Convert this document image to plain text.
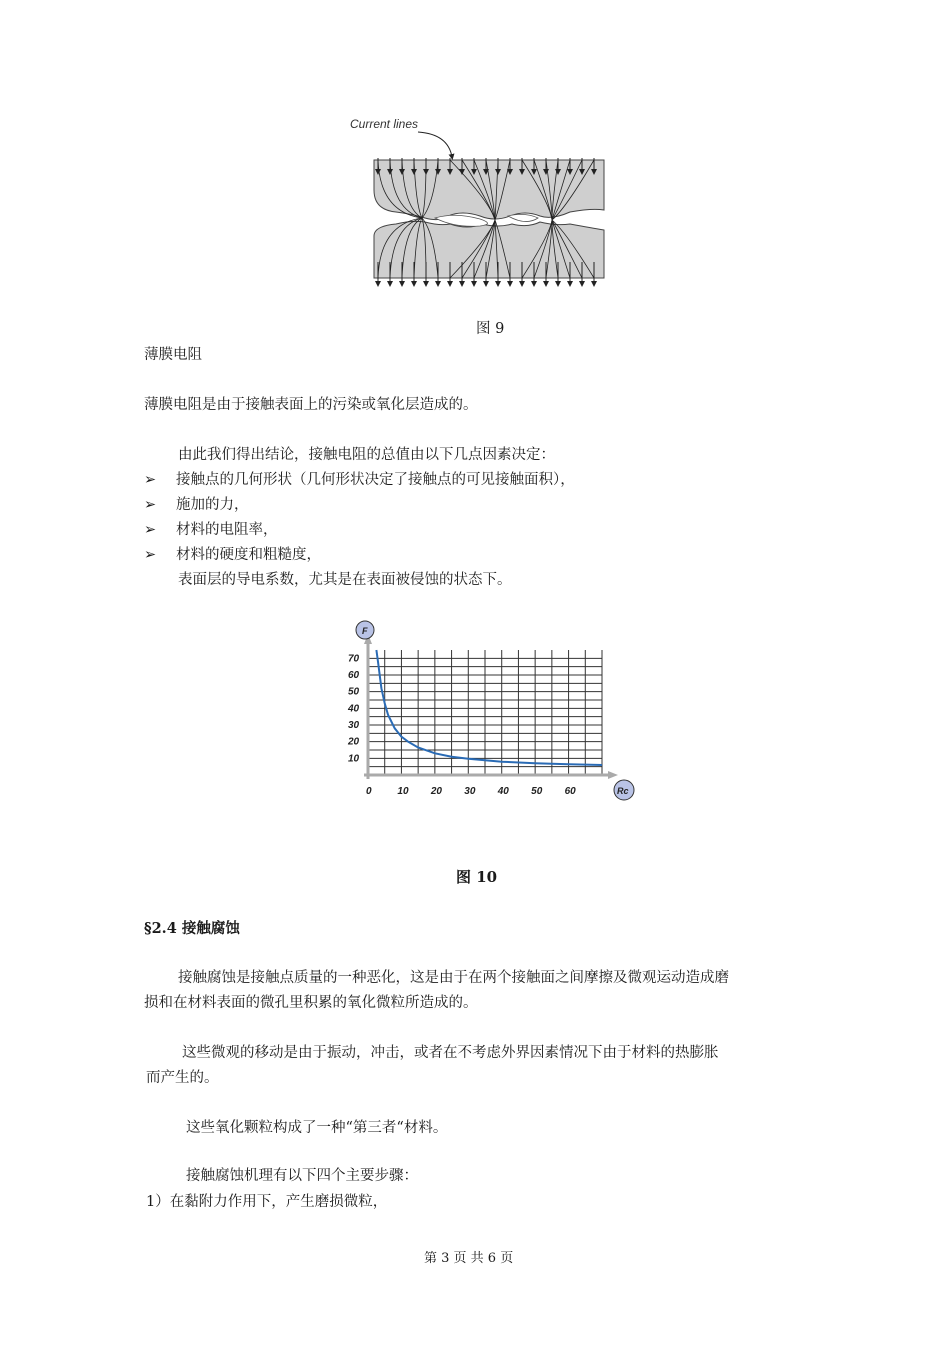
Current lines
图 9
薄膜电阻
薄膜电阻是由于接触表面上的污染或氧化层造成的。
由此我们得出结论，接触电阻的总值由以下几点因素决定：
➢ 接触点的几何形状（几何形状决定了接触点的可见接触面积），
➢ 施加的力，
➢ 材料的电阻率，
➢ 材料的硬度和粗糙度，
表面层的导电系数，尤其是在表面被侵蚀的状态下。
10
20
30
40
50
60
70
0	10 20 30 40 50 60
F
Rc
图 10
§2.4 接触腐蚀
接触腐蚀是接触点质量的一种恶化，这是由于在两个接触面之间摩擦及微观运动造成磨
损和在材料表面的微孔里积累的氧化微粒所造成的。
这些微观的移动是由于振动，冲击，或者在不考虑外界因素情况下由于材料的热膨胀
而产生的。
这些氧化颗粒构成了一种“第三者“材料。
接触腐蚀机理有以下四个主要步骤：
1）在黏附力作用下，产生磨损微粒，
第 3 页 共 6 页
